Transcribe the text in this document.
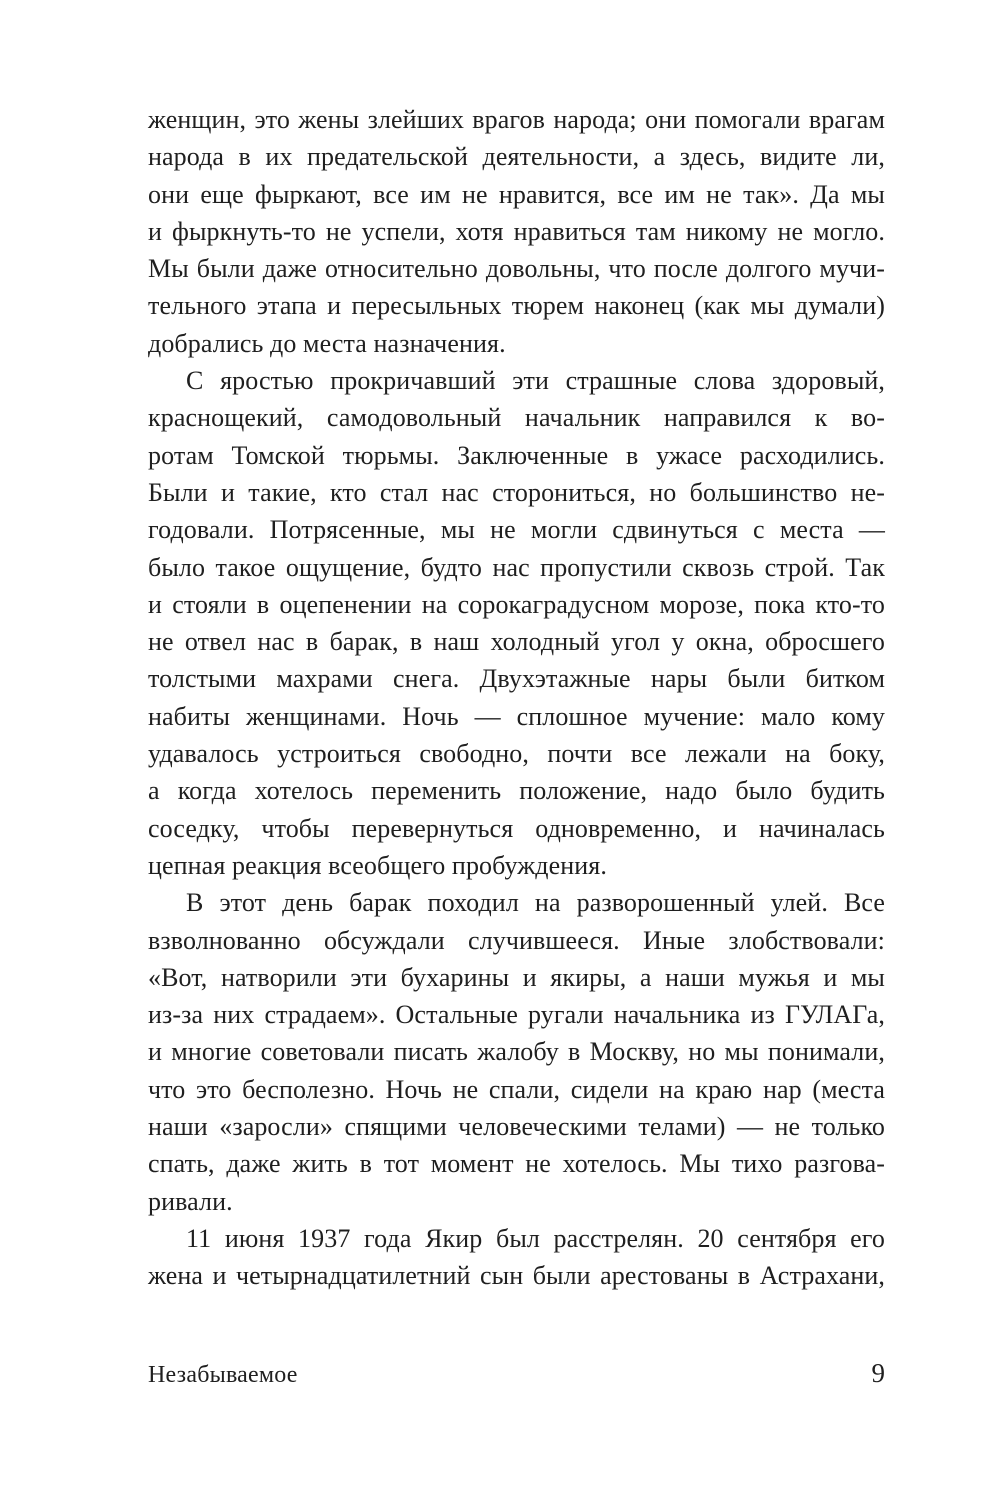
женщин, это жены злейших врагов народа; они помогали врагам
народа в их предательской деятельности, а здесь, видите ли,
они еще фыркают, все им не нравится, все им не так». Да мы
и фыркнуть-то не успели, хотя нравиться там никому не могло.
Мы были даже относительно довольны, что после долгого мучи-
тельного этапа и пересыльных тюрем наконец (как мы думали)
добрались до места назначения.
С яростью прокричавший эти страшные слова здоровый,
краснощекий, самодовольный начальник направился к во-
ротам Томской тюрьмы. Заключенные в ужасе расходились.
Были и такие, кто стал нас сторониться, но большинство не-
годовали. Потрясенные, мы не могли сдвинуться с места —
было такое ощущение, будто нас пропустили сквозь строй. Так
и стояли в оцепенении на сорокаградусном морозе, пока кто-то
не отвел нас в барак, в наш холодный угол у окна, обросшего
толстыми махрами снега. Двухэтажные нары были битком
набиты женщинами. Ночь — сплошное мучение: мало кому
удавалось устроиться свободно, почти все лежали на боку,
а когда хотелось переменить положение, надо было будить
соседку, чтобы перевернуться одновременно, и начиналась
цепная реакция всеобщего пробуждения.
В этот день барак походил на разворошенный улей. Все
взволнованно обсуждали случившееся. Иные злобствовали:
«Вот, натворили эти бухарины и якиры, а наши мужья и мы
из-за них страдаем». Остальные ругали начальника из ГУЛАГа,
и многие советовали писать жалобу в Москву, но мы понимали,
что это бесполезно. Ночь не спали, сидели на краю нар (места
наши «заросли» спящими человеческими телами) — не только
спать, даже жить в тот момент не хотелось. Мы тихо разгова-
ривали.
11 июня 1937 года Якир был расстрелян. 20 сентября его
жена и четырнадцатилетний сын были арестованы в Астрахани,
Незабываемое	9
